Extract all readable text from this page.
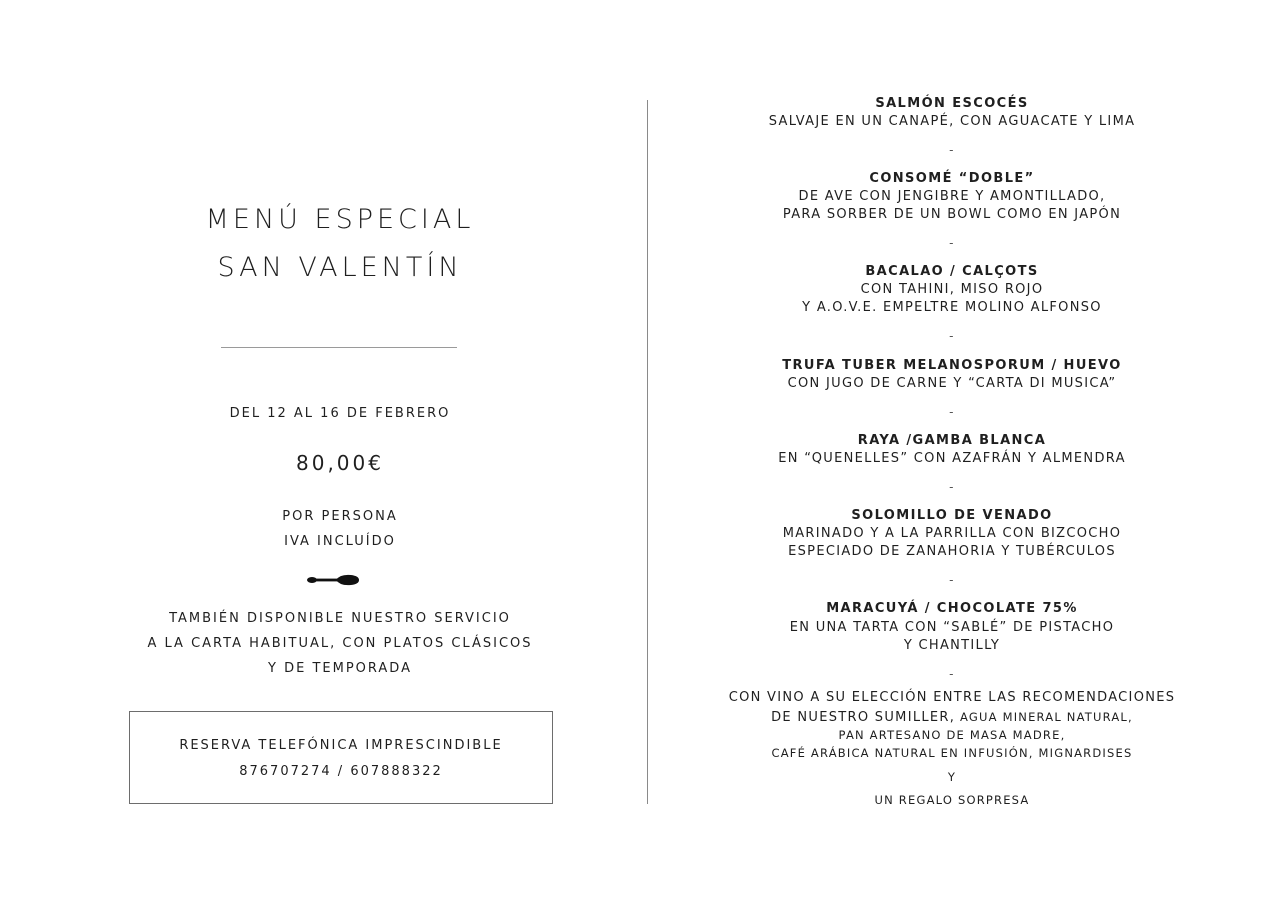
MENÚ ESPECIAL
SAN VALENTÍN
DEL 12 AL 16 DE FEBRERO
80,00€
POR PERSONA
IVA INCLUÍDO
TAMBIÉN DISPONIBLE NUESTRO SERVICIO
A LA CARTA HABITUAL, CON PLATOS CLÁSICOS
Y DE TEMPORADA
RESERVA TELEFÓNICA IMPRESCINDIBLE
876707274 / 607888322
SALMÓN ESCOCÉS
SALVAJE EN UN CANAPÉ, CON AGUACATE Y LIMA
-
CONSOMÉ “DOBLE”
DE AVE CON JENGIBRE Y AMONTILLADO,
PARA SORBER DE UN BOWL COMO EN JAPÓN
-
BACALAO / CALÇOTS
CON TAHINI, MISO ROJO
Y A.O.V.E. EMPELTRE MOLINO ALFONSO
-
TRUFA TUBER MELANOSPORUM / HUEVO
CON JUGO DE CARNE Y “CARTA DI MUSICA”
-
RAYA /GAMBA BLANCA
EN “QUENELLES” CON AZAFRÁN Y ALMENDRA
-
SOLOMILLO DE VENADO
MARINADO Y A LA PARRILLA CON BIZCOCHO
ESPECIADO DE ZANAHORIA Y TUBÉRCULOS
-
MARACUYÁ / CHOCOLATE 75%
EN UNA TARTA CON “SABLÉ” DE PISTACHO
Y CHANTILLY
-
CON VINO A SU ELECCIÓN ENTRE LAS RECOMENDACIONES
DE NUESTRO SUMILLER, AGUA MINERAL NATURAL,
PAN ARTESANO DE MASA MADRE,
CAFÉ ARÁBICA NATURAL EN INFUSIÓN, MIGNARDISES
Y
UN REGALO SORPRESA
